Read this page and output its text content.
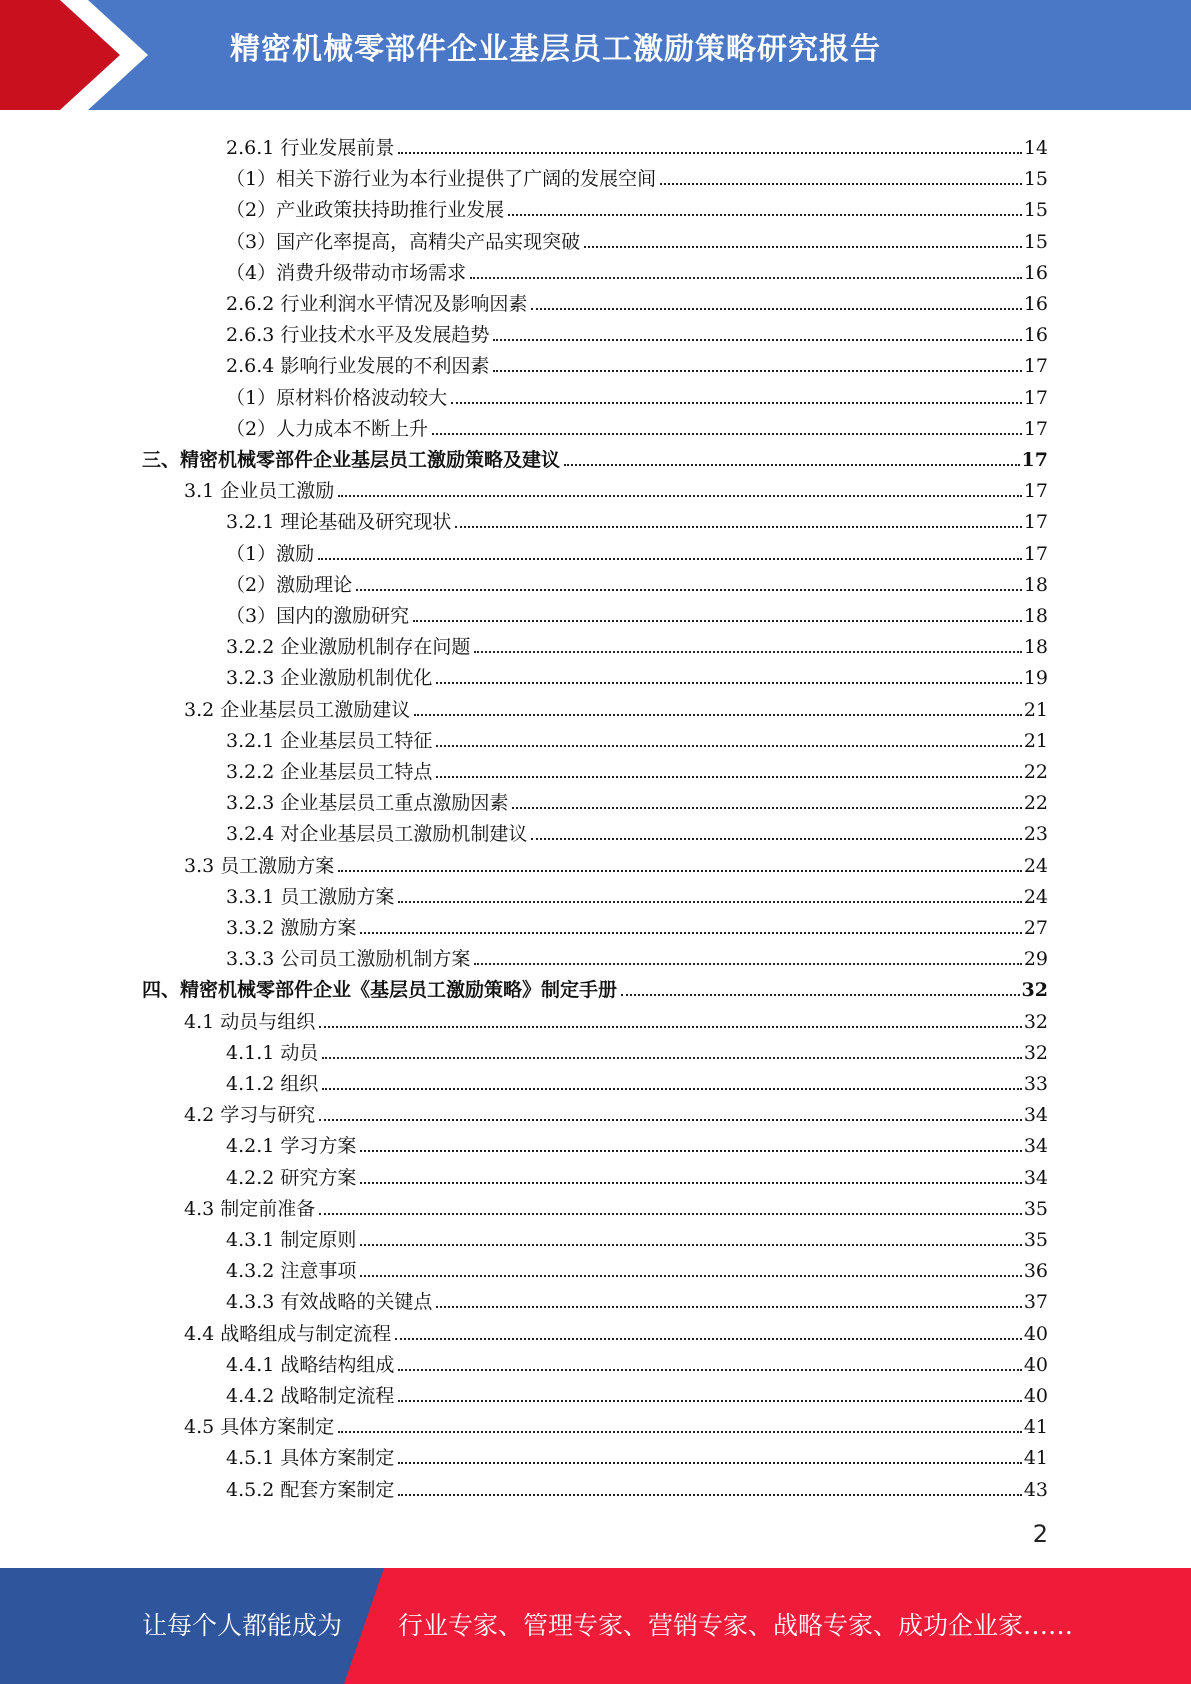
精密机械零部件企业基层员工激励策略研究报告
2.6.1 行业发展前景	14
（1）相关下游行业为本行业提供了广阔的发展空间	15
（2）产业政策扶持助推行业发展	15
（3）国产化率提高，高精尖产品实现突破	15
（4）消费升级带动市场需求	16
2.6.2 行业利润水平情况及影响因素	16
2.6.3 行业技术水平及发展趋势	16
2.6.4 影响行业发展的不利因素	17
（1）原材料价格波动较大	17
（2）人力成本不断上升	17
三、精密机械零部件企业基层员工激励策略及建议	17
3.1 企业员工激励	17
3.2.1 理论基础及研究现状	17
（1）激励	17
（2）激励理论	18
（3）国内的激励研究	18
3.2.2 企业激励机制存在问题	18
3.2.3 企业激励机制优化	19
3.2 企业基层员工激励建议	21
3.2.1 企业基层员工特征	21
3.2.2 企业基层员工特点	22
3.2.3 企业基层员工重点激励因素	22
3.2.4 对企业基层员工激励机制建议	23
3.3 员工激励方案	24
3.3.1 员工激励方案	24
3.3.2 激励方案	27
3.3.3 公司员工激励机制方案	29
四、精密机械零部件企业《基层员工激励策略》制定手册	32
4.1 动员与组织	32
4.1.1 动员	32
4.1.2 组织	33
4.2 学习与研究	34
4.2.1 学习方案	34
4.2.2 研究方案	34
4.3 制定前准备	35
4.3.1 制定原则	35
4.3.2 注意事项	36
4.3.3 有效战略的关键点	37
4.4 战略组成与制定流程	40
4.4.1 战略结构组成	40
4.4.2 战略制定流程	40
4.5 具体方案制定	41
4.5.1 具体方案制定	41
4.5.2 配套方案制定	43
2
让每个人都能成为 行业专家、管理专家、营销专家、战略专家、成功企业家……
